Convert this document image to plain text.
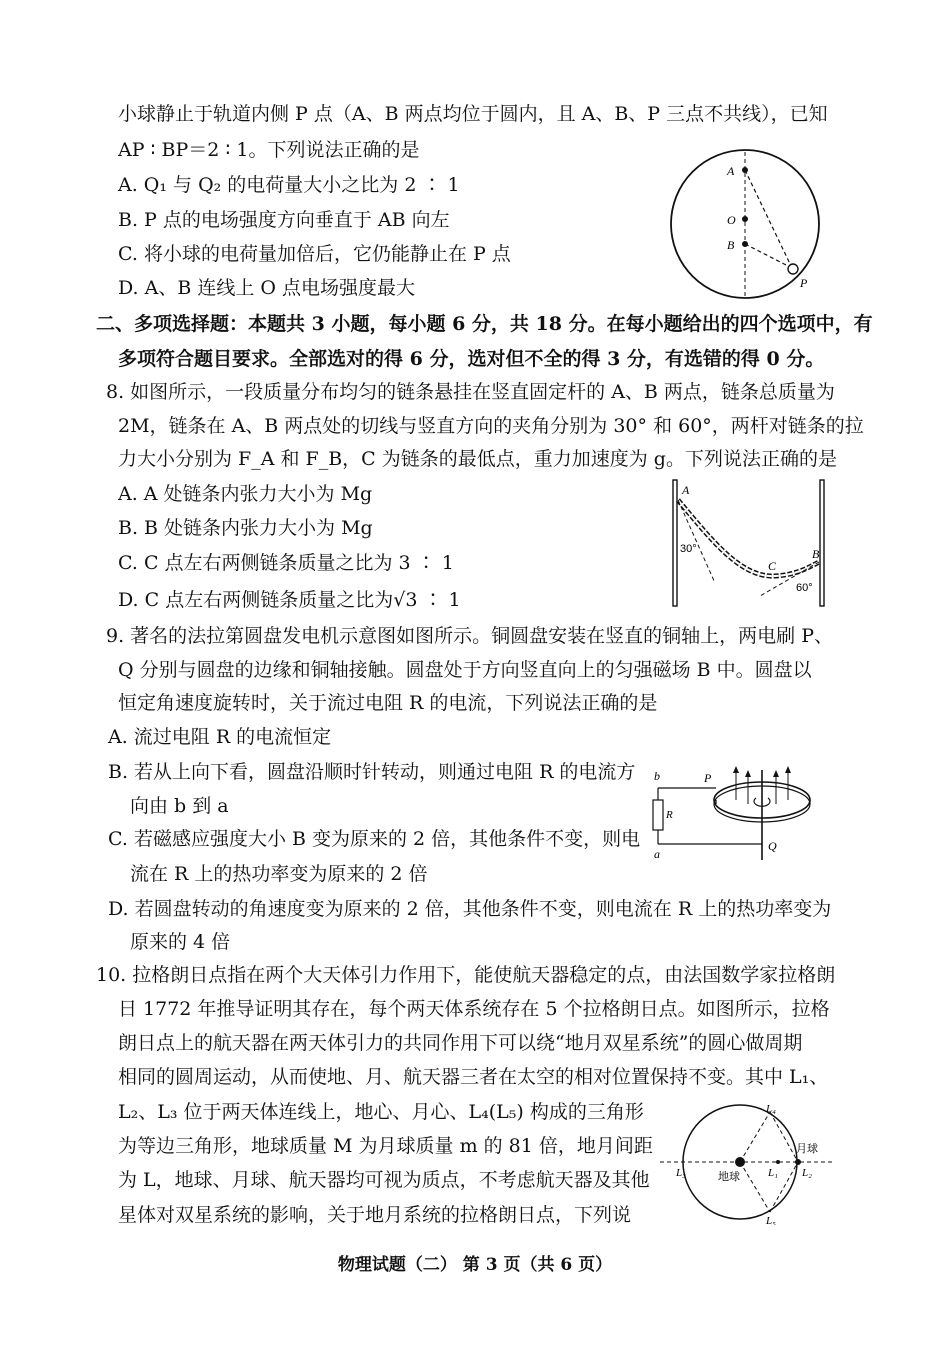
小球静止于轨道内侧 P 点（A、B 两点均位于圆内，且 A、B、P 三点不共线），已知
AP ∶ BP＝2 ∶ 1。下列说法正确的是
A. Q₁ 与 Q₂ 的电荷量大小之比为 2 ∶ 1
B. P 点的电场强度方向垂直于 AB 向左
C. 将小球的电荷量加倍后，它仍能静止在 P 点
D. A、B 连线上 O 点电场强度最大
A
O
B
P
二、多项选择题：本题共 3 小题，每小题 6 分，共 18 分。在每小题给出的四个选项中，有
多项符合题目要求。全部选对的得 6 分，选对但不全的得 3 分，有选错的得 0 分。
8. 如图所示，一段质量分布均匀的链条悬挂在竖直固定杆的 A、B 两点，链条总质量为
2M，链条在 A、B 两点处的切线与竖直方向的夹角分别为 30° 和 60°，两杆对链条的拉
力大小分别为 F_A 和 F_B，C 为链条的最低点，重力加速度为 g。下列说法正确的是
A. A 处链条内张力大小为 Mg
B. B 处链条内张力大小为 Mg
C. C 点左右两侧链条质量之比为 3 ∶ 1
D. C 点左右两侧链条质量之比为√3 ∶ 1
A
B
C
30°
60°
9. 著名的法拉第圆盘发电机示意图如图所示。铜圆盘安装在竖直的铜轴上，两电刷 P、
Q 分别与圆盘的边缘和铜轴接触。圆盘处于方向竖直向上的匀强磁场 B 中。圆盘以
恒定角速度旋转时，关于流过电阻 R 的电流，下列说法正确的是
A. 流过电阻 R 的电流恒定
B. 若从上向下看，圆盘沿顺时针转动，则通过电阻 R 的电流方
向由 b 到 a
C. 若磁感应强度大小 B 变为原来的 2 倍，其他条件不变，则电
流在 R 上的热功率变为原来的 2 倍
D. 若圆盘转动的角速度变为原来的 2 倍，其他条件不变，则电流在 R 上的热功率变为
原来的 4 倍
b
a
P
Q
R
10. 拉格朗日点指在两个大天体引力作用下，能使航天器稳定的点，由法国数学家拉格朗
日 1772 年推导证明其存在，每个两天体系统存在 5 个拉格朗日点。如图所示，拉格
朗日点上的航天器在两天体引力的共同作用下可以绕“地月双星系统”的圆心做周期
相同的圆周运动，从而使地、月、航天器三者在太空的相对位置保持不变。其中 L₁、
L₂、L₃ 位于两天体连线上，地心、月心、L₄(L₅) 构成的三角形
为等边三角形，地球质量 M 为月球质量 m 的 81 倍，地月间距
为 L，地球、月球、航天器均可视为质点，不考虑航天器及其他
星体对双星系统的影响，关于地月系统的拉格朗日点，下列说
地球
月球
L₄
L₅
L₃	L₁ L₂
物理试题（二） 第 3 页（共 6 页）
